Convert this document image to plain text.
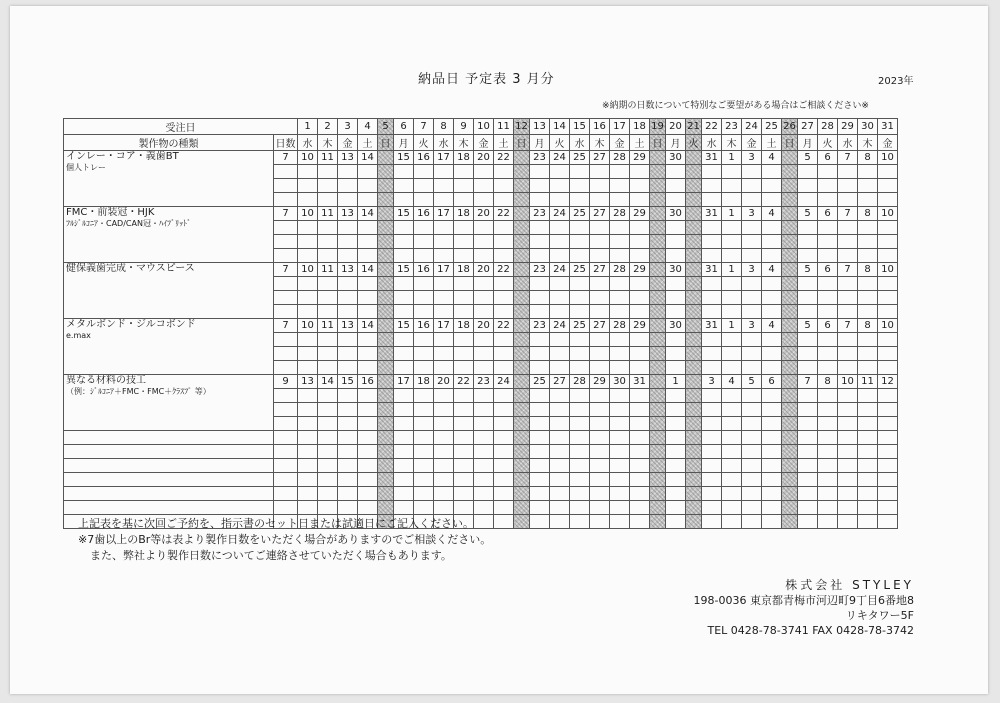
納品日 予定表 3 月分	2023年
※納期の日数について特別なご要望がある場合はご相談ください※
受注日		1	2	3	4	5	6	7	8	9	10	11	12	13	14	15	16	17	18	19	20	21	22	23	24	25	26	27	28	29	30	31
製作物の種類	日数	水	木	金	土	日	月	火	水	木	金	土	日	月	火	水	木	金	土	日	月	火	水	木	金	土	日	月	火	水	木	金
インレー・コア・義歯BT
個人トレー	7	10	11	13	14		15	16	17	18	20	22		23	24	25	27	28	29		30		31	1	3	4		5	6	7	8	10

FMC・前装冠・HJK
ﾌﾙｼﾞﾙｺﾆｱ・CAD/CAN冠・ﾊｲﾌﾞﾘｯﾄﾞ	7	10	11	13	14		15	16	17	18	20	22		23	24	25	27	28	29		30		31	1	3	4		5	6	7	8	10

健保義歯完成・マウスピース	7	10	11	13	14		15	16	17	18	20	22		23	24	25	27	28	29		30		31	1	3	4		5	6	7	8	10

メタルボンド・ジルコボンド
e.max	7	10	11	13	14		15	16	17	18	20	22		23	24	25	27	28	29		30		31	1	3	4		5	6	7	8	10

異なる材料の技工
（例：ｼﾞﾙｺﾆｱ＋FMC・FMC＋ｸﾗｽﾌﾟ 等）	9	13	14	15	16		17	18	20	22	23	24		25	27	28	29	30	31		1		3	4	5	6		7	8	10	11	12

上記表を基に次回ご予約を、指示書のセット日または試適日にご記入ください。
※7歯以上のBr等は表より製作日数をいただく場合がありますのでご相談ください。
また、弊社より製作日数についてご連絡させていただく場合もあります。
株式会社 STYLEY
198-0036 東京都青梅市河辺町9丁目6番地8
リキタワー5F
TEL 0428-78-3741 FAX 0428-78-3742
